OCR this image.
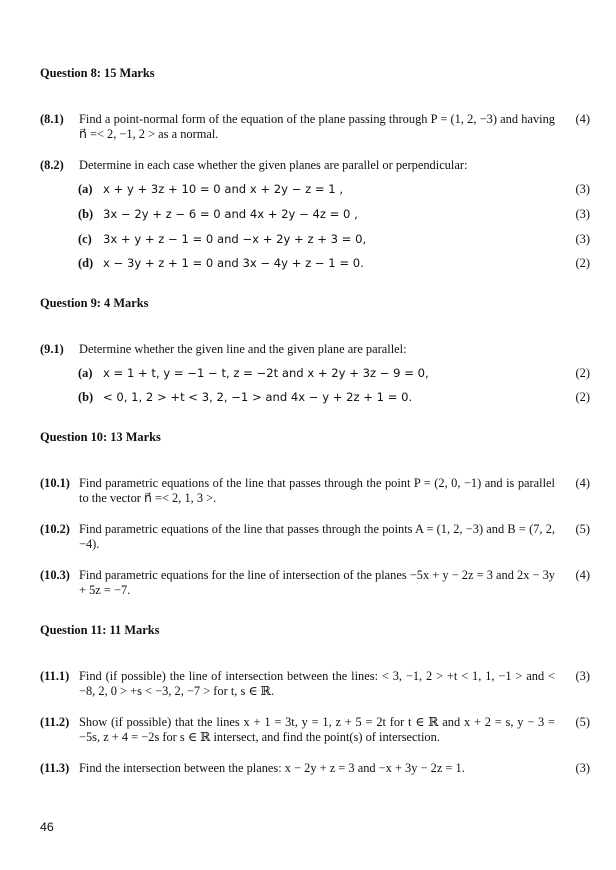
Question 8: 15 Marks
(8.1) Find a point-normal form of the equation of the plane passing through P = (1, 2, −3) and having n⃗ =< 2, −1, 2 > as a normal.
(4)
(8.2) Determine in each case whether the given planes are parallel or perpendicular:
(a) x + y + 3z + 10 = 0 and x + 2y − z = 1 ,	(3)
(b) 3x − 2y + z − 6 = 0 and 4x + 2y − 4z = 0 ,	(3)
(c) 3x + y + z − 1 = 0 and −x + 2y + z + 3 = 0,	(3)
(d) x − 3y + z + 1 = 0 and 3x − 4y + z − 1 = 0.	(2)
Question 9: 4 Marks
(9.1) Determine whether the given line and the given plane are parallel:
(a) x = 1 + t, y = −1 − t, z = −2t and x + 2y + 3z − 9 = 0,	(2)
(b) < 0, 1, 2 > +t < 3, 2, −1 > and 4x − y + 2z + 1 = 0.	(2)
Question 10: 13 Marks
(10.1) Find parametric equations of the line that passes through the point P = (2, 0, −1) and is parallel to the vector n⃗ =< 2, 1, 3 >.
(4)
(10.2) Find parametric equations of the line that passes through the points A = (1, 2, −3) and B = (7, 2, −4).
(5)
(10.3) Find parametric equations for the line of intersection of the planes −5x + y − 2z = 3 and 2x − 3y + 5z = −7.
(4)
Question 11: 11 Marks
(11.1) Find (if possible) the line of intersection between the lines: < 3, −1, 2 > +t < 1, 1, −1 > and < −8, 2, 0 > +s < −3, 2, −7 > for t, s ∈ ℝ.
(3)
(11.2) Show (if possible) that the lines x + 1 = 3t, y = 1, z + 5 = 2t for t ∈ ℝ and x + 2 = s, y − 3 = −5s, z + 4 = −2s for s ∈ ℝ intersect, and find the point(s) of intersection.
(5)
(11.3) Find the intersection between the planes: x − 2y + z = 3 and −x + 3y − 2z = 1.	(3)
46
